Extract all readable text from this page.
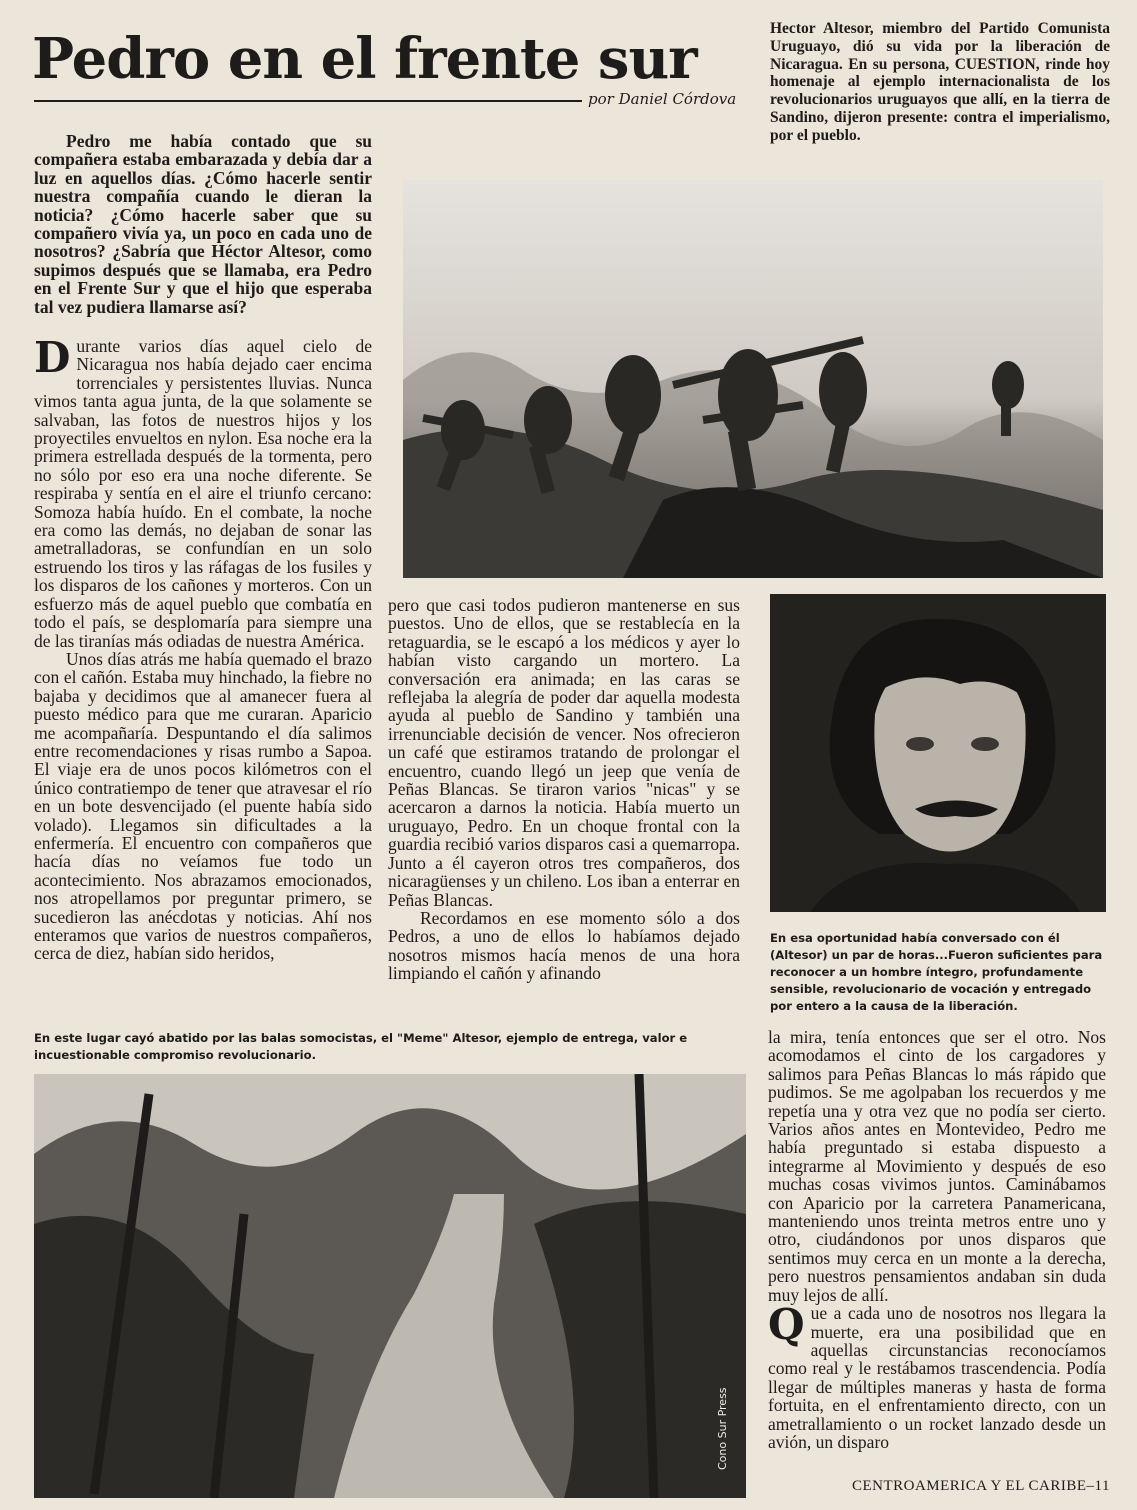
Pedro en el frente sur
por Daniel Córdova
Hector Altesor, miembro del Partido Comunista Uruguayo, dió su vida por la liberación de Nicaragua. En su persona, CUESTION, rinde hoy homenaje al ejemplo internacionalista de los revolucionarios uruguayos que allí, en la tierra de Sandino, dijeron presente: contra el imperialismo, por el pueblo.

Pedro me había contado que su compañera estaba embarazada y debía dar a luz en aquellos días. ¿Cómo hacerle sentir nuestra compañía cuando le dieran la noticia? ¿Cómo hacerle saber que su compañero vivía ya, un poco en cada uno de nosotros? ¿Sabría que Héctor Altesor, como supimos después que se llamaba, era Pedro en el Frente Sur y que el hijo que esperaba tal vez pudiera llamarse así?

Durante varios días aquel cielo de Nicaragua nos había dejado caer encima torrenciales y persistentes lluvias. Nunca vimos tanta agua junta, de la que solamente se salvaban, las fotos de nuestros hijos y los proyectiles envueltos en nylon. Esa noche era la primera estrellada después de la tormenta, pero no sólo por eso era una noche diferente. Se respiraba y sentía en el aire el triunfo cercano: Somoza había huído. En el combate, la noche era como las demás, no dejaban de sonar las ametralladoras, se confundían en un solo estruendo los tiros y las ráfagas de los fusiles y los disparos de los cañones y morteros. Con un esfuerzo más de aquel pueblo que combatía en todo el país, se desplomaría para siempre una de las tiranías más odiadas de nuestra América.

Unos días atrás me había quemado el brazo con el cañón. Estaba muy hinchado, la fiebre no bajaba y decidimos que al amanecer fuera al puesto médico para que me curaran. Aparicio me acompañaría. Despuntando el día salimos entre recomendaciones y risas rumbo a Sapoa. El viaje era de unos pocos kilómetros con el único contratiempo de tener que atravesar el río en un bote desvencijado (el puente había sido volado). Llegamos sin dificultades a la enfermería. El encuentro con compañeros que hacía días no veíamos fue todo un acontecimiento. Nos abrazamos emocionados, nos atropellamos por preguntar primero, se sucedieron las anécdotas y noticias. Ahí nos enteramos que varios de nuestros compañeros, cerca de diez, habían sido heridos,

pero que casi todos pudieron mantenerse en sus puestos. Uno de ellos, que se restablecía en la retaguardia, se le escapó a los médicos y ayer lo habían visto cargando un mortero. La conversación era animada; en las caras se reflejaba la alegría de poder dar aquella modesta ayuda al pueblo de Sandino y también una irrenunciable decisión de vencer. Nos ofrecieron un café que estiramos tratando de prolongar el encuentro, cuando llegó un jeep que venía de Peñas Blancas. Se tiraron varios "nicas" y se acercaron a darnos la noticia. Había muerto un uruguayo, Pedro. En un choque frontal con la guardia recibió varios disparos casi a quemarropa. Junto a él cayeron otros tres compañeros, dos nicaragüenses y un chileno. Los iban a enterrar en Peñas Blancas.

Recordamos en ese momento sólo a dos Pedros, a uno de ellos lo habíamos dejado nosotros mismos hacía menos de una hora limpiando el cañón y afinando

la mira, tenía entonces que ser el otro. Nos acomodamos el cinto de los cargadores y salimos para Peñas Blancas lo más rápido que pudimos. Se me agolpaban los recuerdos y me repetía una y otra vez que no podía ser cierto. Varios años antes en Montevideo, Pedro me había preguntado si estaba dispuesto a integrarme al Movimiento y después de eso muchas cosas vivimos juntos. Caminábamos con Aparicio por la carretera Panamericana, manteniendo unos treinta metros entre uno y otro, ciudándonos por unos disparos que sentimos muy cerca en un monte a la derecha, pero nuestros pensamientos andaban sin duda muy lejos de allí.

Que a cada uno de nosotros nos llegara la muerte, era una posibilidad que en aquellas circunstancias reconocíamos como real y le restábamos trascendencia. Podía llegar de múltiples maneras y hasta de forma fortuita, en el enfrentamiento directo, con un ametrallamiento o un rocket lanzado desde un avión, un disparo

Cono Sur Press
En esa oportunidad había conversado con él (Altesor) un par de horas...Fueron suficientes para reconocer a un hombre íntegro, profundamente sensible, revolucionario de vocación y entregado por entero a la causa de la liberación.
En este lugar cayó abatido por las balas somocistas, el "Meme" Altesor, ejemplo de entrega, valor e incuestionable compromiso revolucionario.
CENTROAMERICA Y EL CARIBE–11
